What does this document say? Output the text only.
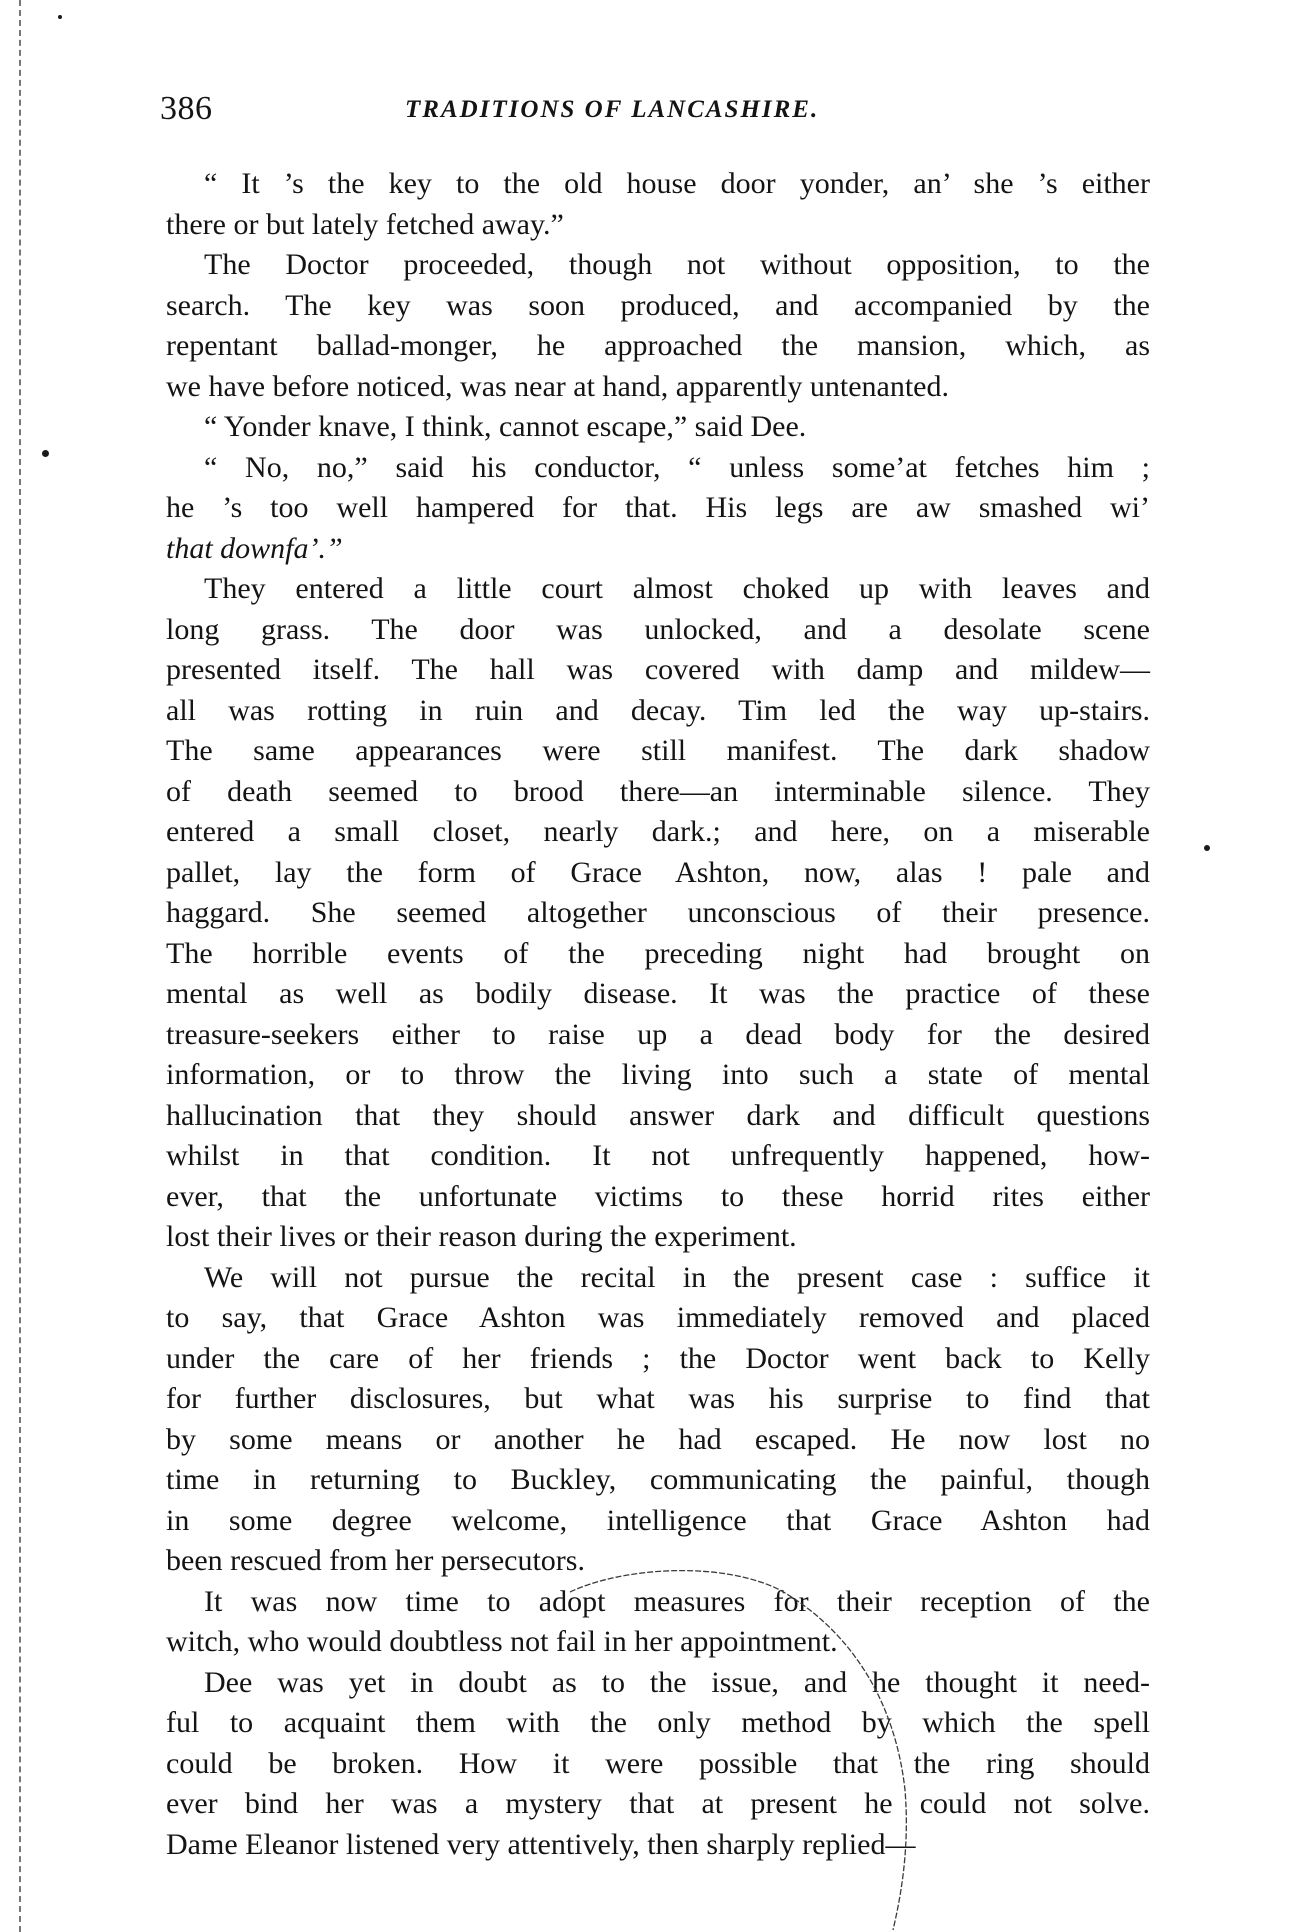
386	TRADITIONS OF LANCASHIRE.
“ It ’s the key to the old house door yonder, an’ she ’s either
there or but lately fetched away.”
The Doctor proceeded, though not without opposition, to the
search. The key was soon produced, and accompanied by the
repentant ballad-monger, he approached the mansion, which, as
we have before noticed, was near at hand, apparently untenanted.
“ Yonder knave, I think, cannot escape,” said Dee.
“ No, no,” said his conductor, “ unless some’at fetches him ;
he ’s too well hampered for that. His legs are aw smashed wi’
that downfa’.”
They entered a little court almost choked up with leaves and
long grass. The door was unlocked, and a desolate scene
presented itself. The hall was covered with damp and mildew—
all was rotting in ruin and decay. Tim led the way up-stairs.
The same appearances were still manifest. The dark shadow
of death seemed to brood there—an interminable silence. They
entered a small closet, nearly dark.; and here, on a miserable
pallet, lay the form of Grace Ashton, now, alas ! pale and
haggard. She seemed altogether unconscious of their presence.
The horrible events of the preceding night had brought on
mental as well as bodily disease. It was the practice of these
treasure-seekers either to raise up a dead body for the desired
information, or to throw the living into such a state of mental
hallucination that they should answer dark and difficult questions
whilst in that condition. It not unfrequently happened, how-
ever, that the unfortunate victims to these horrid rites either
lost their lives or their reason during the experiment.
We will not pursue the recital in the present case : suffice it
to say, that Grace Ashton was immediately removed and placed
under the care of her friends ; the Doctor went back to Kelly
for further disclosures, but what was his surprise to find that
by some means or another he had escaped. He now lost no
time in returning to Buckley, communicating the painful, though
in some degree welcome, intelligence that Grace Ashton had
been rescued from her persecutors.
It was now time to adopt measures for their reception of the
witch, who would doubtless not fail in her appointment.
Dee was yet in doubt as to the issue, and he thought it need-
ful to acquaint them with the only method by which the spell
could be broken. How it were possible that the ring should
ever bind her was a mystery that at present he could not solve.
Dame Eleanor listened very attentively, then sharply replied—
